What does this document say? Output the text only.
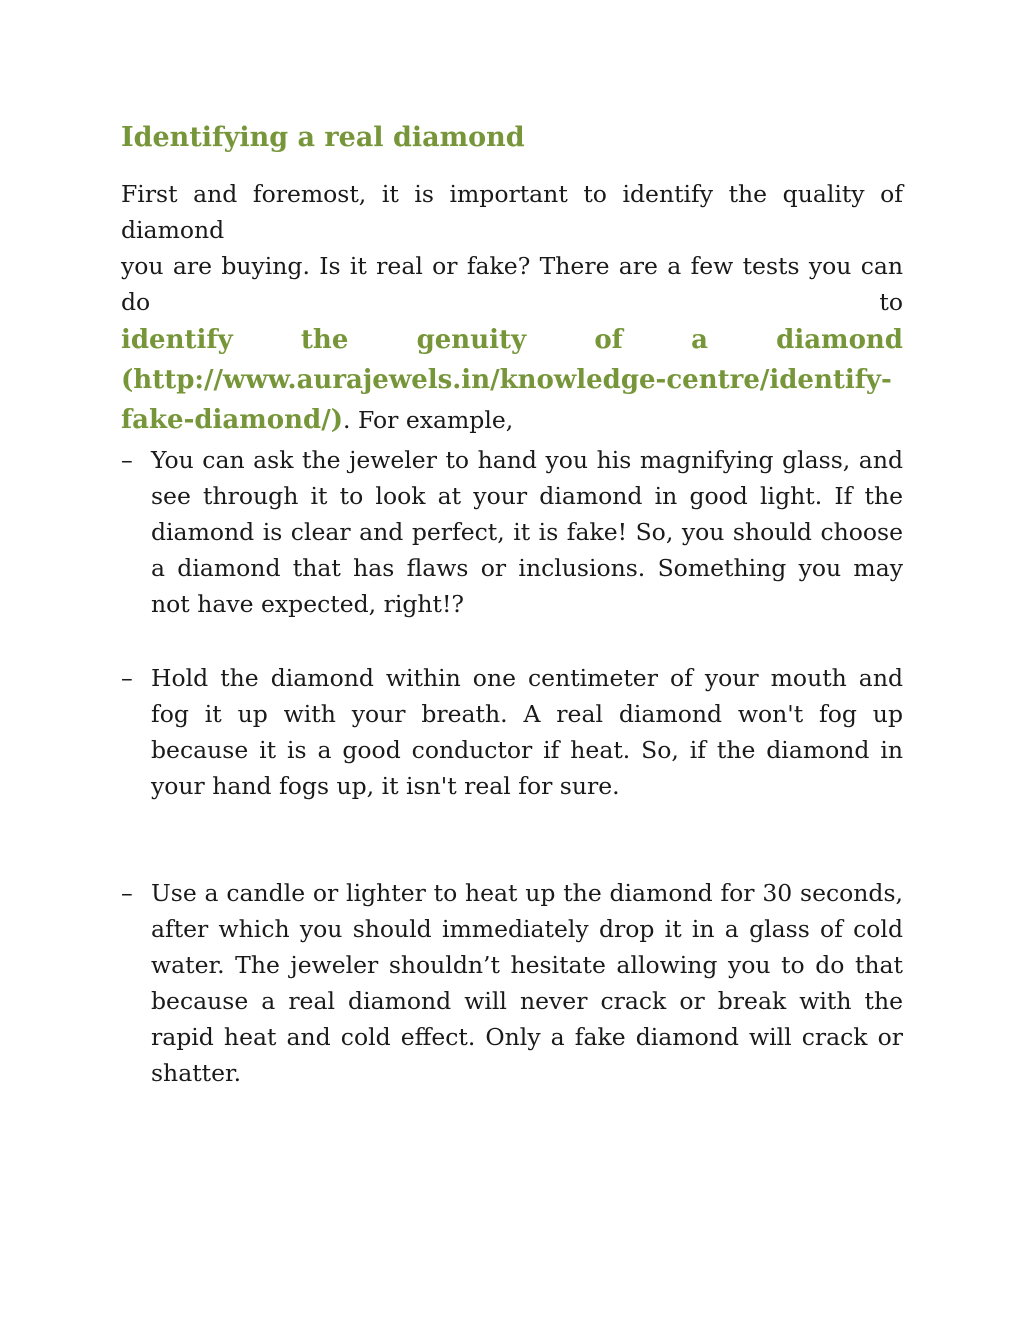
Identifying a real diamond
First and foremost, it is important to identify the quality of diamond
you are buying. Is it real or fake? There are a few tests you can do to
identify the genuity of a diamond
(http://www.aurajewels.in/knowledge-centre/identify-
fake-diamond/). For example,
– You can ask the jeweler to hand you his magnifying glass, and see through it to look at your diamond in good light. If the diamond is clear and perfect, it is fake! So, you should choose a diamond that has flaws or inclusions. Something you may not have expected, right!?
– Hold the diamond within one centimeter of your mouth and fog it up with your breath. A real diamond won't fog up because it is a good conductor if heat. So, if the diamond in your hand fogs up, it isn't real for sure.
– Use a candle or lighter to heat up the diamond for 30 seconds, after which you should immediately drop it in a glass of cold water. The jeweler shouldn’t hesitate allowing you to do that because a real diamond will never crack or break with the rapid heat and cold effect. Only a fake diamond will crack or shatter.
